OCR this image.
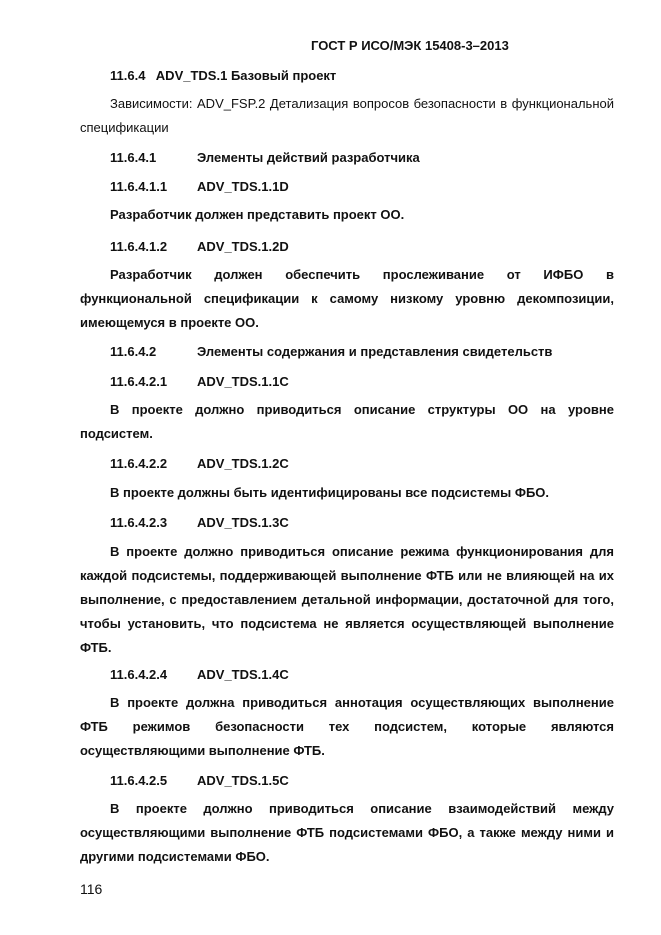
ГОСТ Р ИСО/МЭК 15408-3–2013
11.6.4 ADV_TDS.1 Базовый проект
Зависимости: ADV_FSP.2 Детализация вопросов безопасности в функциональной спецификации
11.6.4.1	Элементы действий разработчика
11.6.4.1.1 ADV_TDS.1.1D
Разработчик должен представить проект ОО.
11.6.4.1.2 ADV_TDS.1.2D
Разработчик должен обеспечить прослеживание от ИФБО в функциональной спецификации к самому низкому уровню декомпозиции, имеющемуся в проекте ОО.
11.6.4.2	Элементы содержания и представления свидетельств
11.6.4.2.1 ADV_TDS.1.1C
В проекте должно приводиться описание структуры ОО на уровне подсистем.
11.6.4.2.2 ADV_TDS.1.2C
В проекте должны быть идентифицированы все подсистемы ФБО.
11.6.4.2.3 ADV_TDS.1.3C
В проекте должно приводиться описание режима функционирования для каждой подсистемы, поддерживающей выполнение ФТБ или не влияющей на их выполнение, с предоставлением детальной информации, достаточной для того, чтобы установить, что подсистема не является осуществляющей выполнение ФТБ.
11.6.4.2.4 ADV_TDS.1.4C
В проекте должна приводиться аннотация осуществляющих выполнение ФТБ режимов безопасности тех подсистем, которые являются осуществляющими выполнение ФТБ.
11.6.4.2.5 ADV_TDS.1.5C
В проекте должно приводиться описание взаимодействий между осуществляющими выполнение ФТБ подсистемами ФБО, а также между ними и другими подсистемами ФБО.
116
